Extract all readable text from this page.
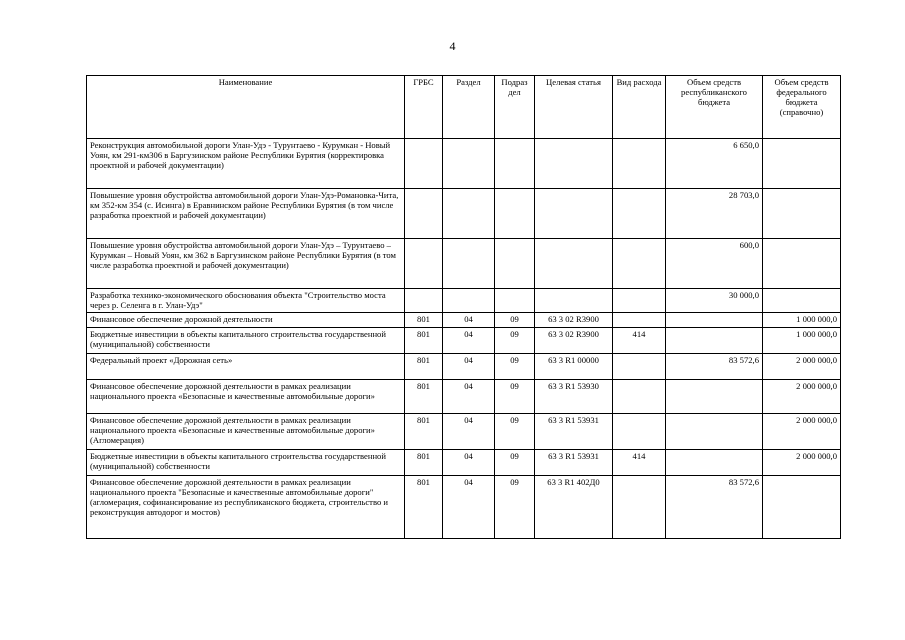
4
Наименование	ГРБС	Раздел	Подраз дел	Целевая статья	Вид расхода	Объем средств республиканского бюджета	Объем средств федерального бюджета (справочно)
Реконструкция автомобильной дороги Улан-Удэ - Турунтаево - Курумкан - Новый Уоян, км 291-км306 в Баргузинском районе Республики Бурятия (корректировка проектной и рабочей документации)						6 650,0	
Повышение уровня обустройства автомобильной дороги Улан-Удэ-Романовка-Чита, км 352-км 354 (с. Исинга) в Еравнинском районе Республики Бурятия (в том числе разработка проектной и рабочей документации)						28 703,0	
Повышение уровня обустройства автомобильной дороги Улан-Удэ – Турунтаево – Курумкан – Новый Уоян, км 362 в Баргузинском районе Республики Бурятия (в том числе разработка проектной и рабочей документации)						600,0	
Разработка технико-экономического обоснования объекта "Строительство моста через р. Селенга в г. Улан-Удэ"						30 000,0	
Финансовое обеспечение дорожной деятельности	801	04	09	63 3 02 R3900			1 000 000,0
Бюджетные инвестиции в объекты капитального строительства государственной (муниципальной) собственности	801	04	09	63 3 02 R3900	414		1 000 000,0
Федеральный проект «Дорожная сеть»	801	04	09	63 3 R1 00000		83 572,6	2 000 000,0
Финансовое обеспечение дорожной деятельности в рамках реализации национального проекта «Безопасные и качественные автомобильные дороги»	801	04	09	63 3 R1 53930			2 000 000,0
Финансовое обеспечение дорожной деятельности в рамках реализации национального проекта «Безопасные и качественные автомобильные дороги» (Агломерация)	801	04	09	63 3 R1 53931			2 000 000,0
Бюджетные инвестиции в объекты капитального строительства государственной (муниципальной) собственности	801	04	09	63 3 R1 53931	414		2 000 000,0
Финансовое обеспечение дорожной деятельности в рамках реализации национального проекта "Безопасные и качественные автомобильные дороги" (агломерация, софинансирование из республиканского бюджета, строительство и реконструкция автодорог и мостов)	801	04	09	63 3 R1 402Д0		83 572,6	
